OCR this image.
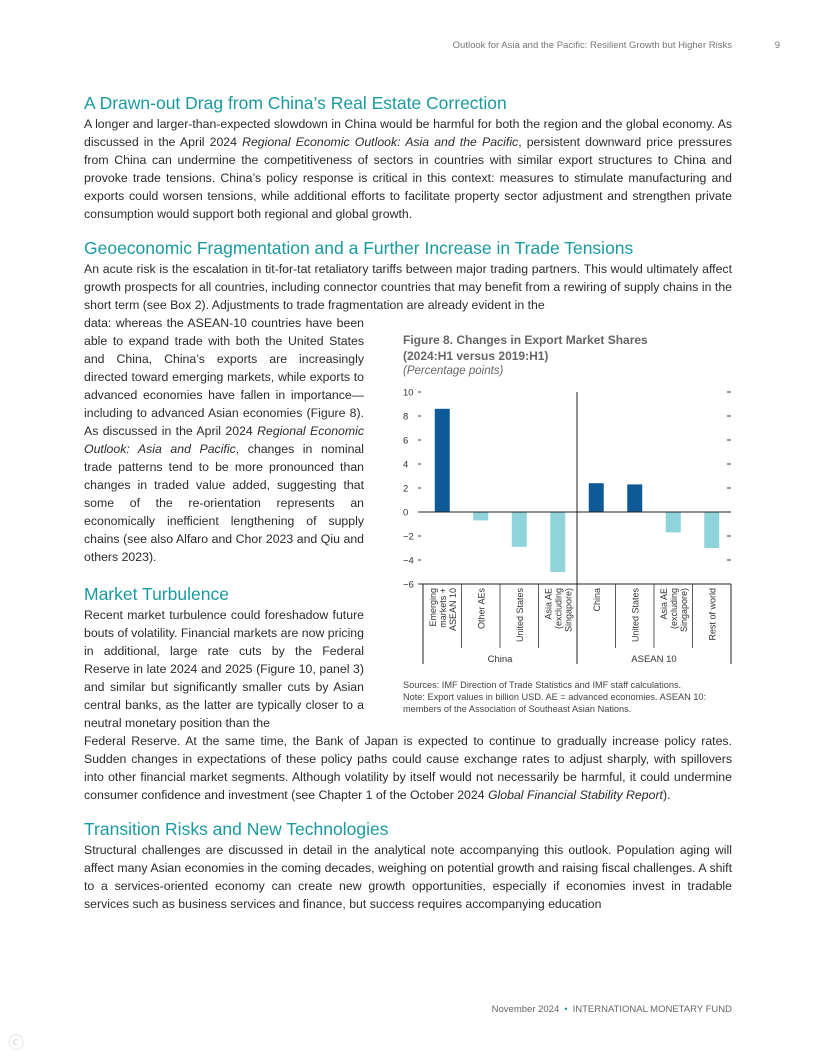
Outlook for Asia and the Pacific: Resilient Growth but Higher Risks	9
A Drawn-out Drag from China’s Real Estate Correction

A longer and larger-than-expected slowdown in China would be harmful for both the region and the global economy. As discussed in the April 2024 Regional Economic Outlook: Asia and the Pacific, persistent downward price pressures from China can undermine the competitiveness of sectors in countries with similar export structures to China and provoke trade tensions. China’s policy response is critical in this context: measures to stimulate manufacturing and exports could worsen tensions, while additional efforts to facilitate property sector adjustment and strengthen private consumption would support both regional and global growth.

Geoeconomic Fragmentation and a Further Increase in Trade Tensions

An acute risk is the escalation in tit-for-tat retaliatory tariffs between major trading partners. This would ultimately affect growth prospects for all countries, including connector countries that may benefit from a rewiring of supply chains in the short term (see Box 2). Adjustments to trade fragmentation are already evident in the

data: whereas the ASEAN-10 countries have been able to expand trade with both the United States and China, China’s exports are increasingly directed toward emerging markets, while exports to advanced economies have fallen in importance—including to advanced Asian economies (Figure 8). As discussed in the April 2024 Regional Economic Outlook: Asia and Pacific, changes in nominal trade patterns tend to be more pronounced than changes in traded value added, suggesting that some of the re-orientation represents an economically inefficient lengthening of supply chains (see also Alfaro and Chor 2023 and Qiu and others 2023).

Market Turbulence

Recent market turbulence could foreshadow future bouts of volatility. Financial markets are now pricing in additional, large rate cuts by the Federal Reserve in late 2024 and 2025 (Figure 10, panel 3) and similar but significantly smaller cuts by Asian central banks, as the latter are typically closer to a neutral monetary position than the

Figure 8. Changes in Export Market Shares
(2024:H1 versus 2019:H1)
(Percentage points)
10
8
6
4
2
0
−2
−4
−6
Emerging markets + ASEAN 10 Other AEs	United States Asia AE (excluding Singapore) China	United States Asia AE (excluding Singapore) Rest of world
China	ASEAN 10
Sources: IMF Direction of Trade Statistics and IMF staff calculations.
Note: Export values in billion USD. AE = advanced economies. ASEAN 10: members of the Association of Southeast Asian Nations.

Federal Reserve. At the same time, the Bank of Japan is expected to continue to gradually increase policy rates. Sudden changes in expectations of these policy paths could cause exchange rates to adjust sharply, with spillovers into other financial market segments. Although volatility by itself would not necessarily be harmful, it could undermine consumer confidence and investment (see Chapter 1 of the October 2024 Global Financial Stability Report).

Transition Risks and New Technologies

Structural challenges are discussed in detail in the analytical note accompanying this outlook. Population aging will affect many Asian economies in the coming decades, weighing on potential growth and raising fiscal challenges. A shift to a services-oriented economy can create new growth opportunities, especially if economies invest in tradable services such as business services and finance, but success requires accompanying education

November 2024 • INTERNATIONAL MONETARY FUND
ⓒ
